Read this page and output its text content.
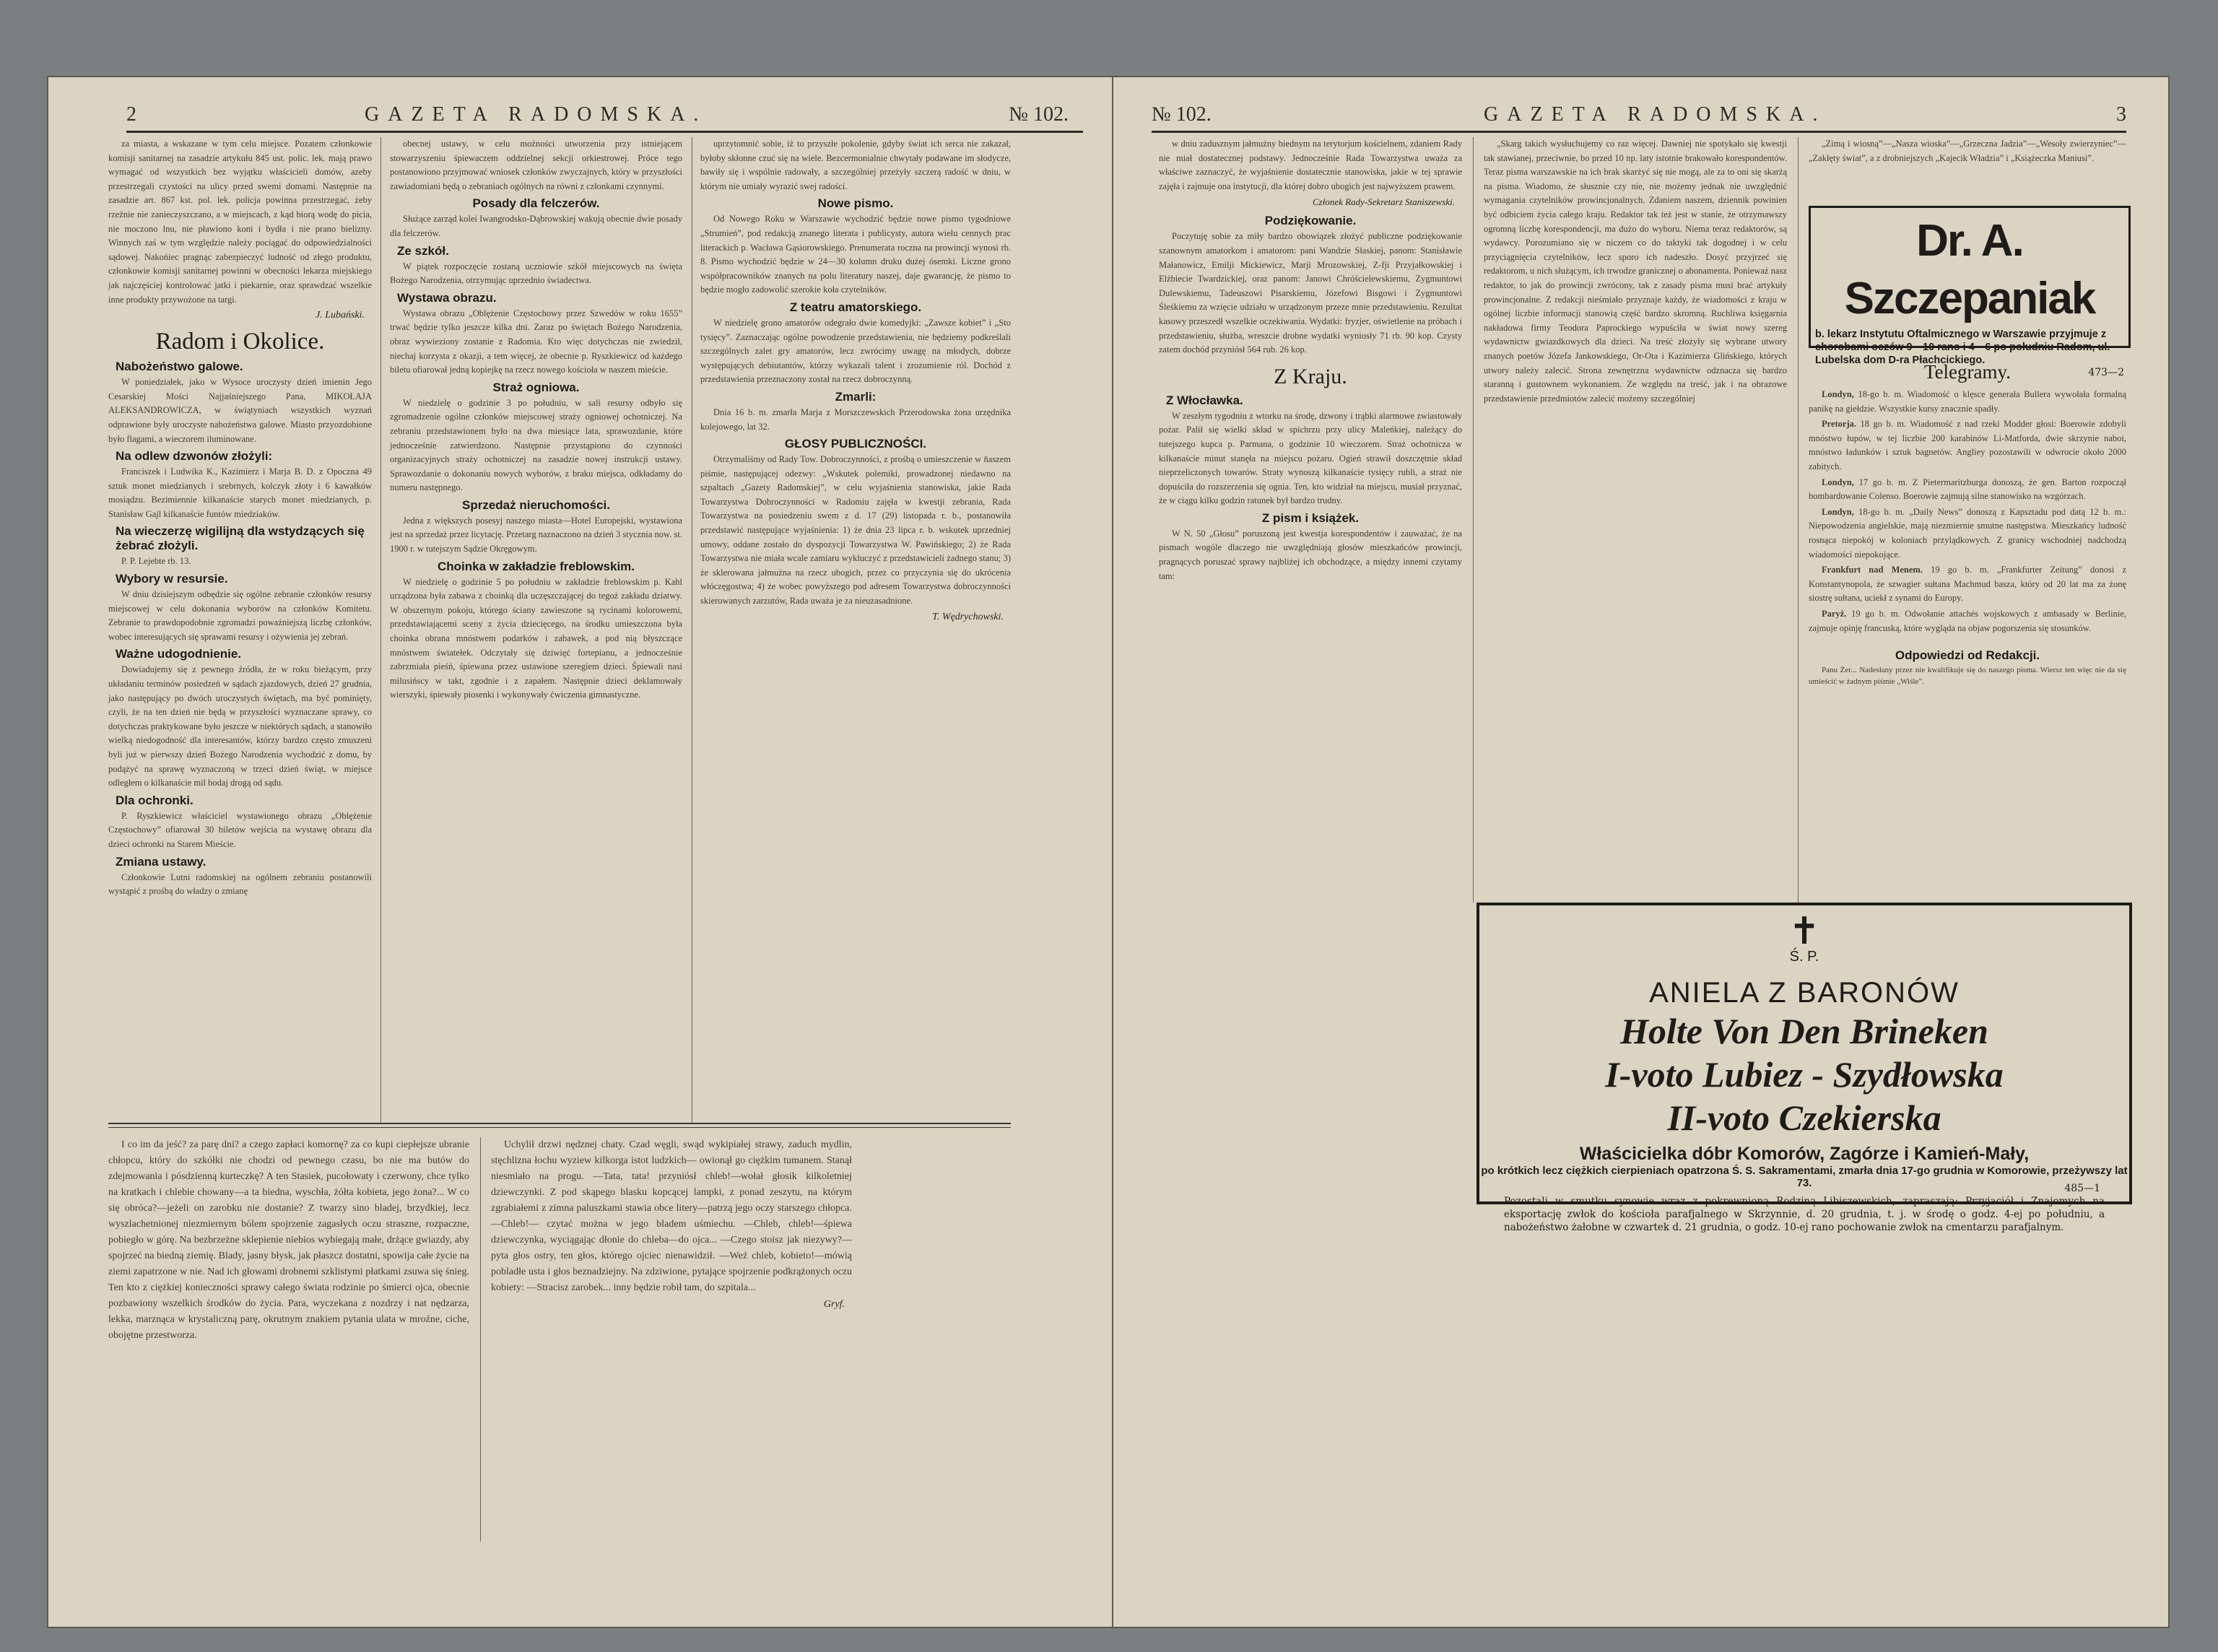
2	GAZETA RADOMSKA.	№ 102.

za miasta, a wskazane w tym celu miejsce. Pozatem członkowie komisji sanitarnej na zasadzie artykułu 845 ust. polic. lek. mają prawo wymagać od wszystkich bez wyjątku właścicieli domów, azeby przestrzegali czystości na ulicy przed swemi domami. Następnie na zasadzie art. 867 kst. pol. lek. policja powinna przestrzegać, żeby rzeźnie nie zanieczyszczano, a w miejscach, z kąd biorą wodę do picia, nie moczono lnu, nie pławiono koni i bydła i nie prano bielizny. Winnych zaś w tym względzie należy pociągać do odpowiedzialności sądowej. Nakońiec pragnąc zabezpieczyć ludność od złego produktu, członkowie komisji sanitarnej powinni w obecności lekarza miejskiego jak najczęściej kontrolować jatki i piekarnie, oraz sprawdzać wszelkie inne produkty przywożone na targi.

J. Lubański.
Radom i Okolice.
Nabożeństwo galowe.

W poniedziałek, jako w Wysoce uroczysty dzień imienin Jego Cesarskiej Mości Najjaśniejszego Pana, MIKOŁAJA ALEKSANDROWICZA, w świątyniach wszystkich wyznań odprawione były uroczyste nabożeństwa galowe. Miasto przyozdobione było flagami, a wieczorem iluminowane.

Na odlew dzwonów złożyli:

Franciszek i Ludwika K., Kazimierz i Marja B. D. z Opoczna 49 sztuk monet miedzianych i srebrnych, kolczyk złoty i 6 kawałków mosiądzu. Bezimiennie kilkanaście starych monet miedzianych, p. Stanisław Gajl kilkanaście funtów miedziaków.

Na wieczerzę wigilijną dla wstydzących się żebrać złożyli.

P. P. Lejebte rb. 13.

Wybory w resursie.

W dniu dzisiejszym odbędzie się ogólne zebranie członków resursy miejscowej w celu dokonania wyborów na członków Komitetu. Zebranie to prawdopodobnie zgromadzi poważniejszą liczbę członków, wobec interesujących się sprawami resursy i ożywienia jej zebrań.

Ważne udogodnienie.

Dowiadujemy się z pewnego źródła, że w roku bieżącym, przy układaniu terminów posiedzeń w sądach zjazdowych, dzień 27 grudnia, jako następujący po dwóch uroczystych świętach, ma być pominięty, czyli, że na ten dzień nie będą w przyszłości wyznaczane sprawy, co dotychczas praktykowane było jeszcze w niektórych sądach, a stanowiło wielką niedogodność dla interesantów, którzy bardzo często zmuszeni byli już w pierwszy dzień Bożego Narodzenia wychodzić z domu, by podążyć na sprawę wyznaczoną w trzeci dzień świąt, w miejsce odległem o kilkanaście mil bodaj drogą od sądu.

Dla ochronki.

P. Ryszkiewicz właściciel wystawionego obrazu „Oblężenie Częstochowy” ofiarował 30 biletów wejścia na wystawę obrazu dla dzieci ochronki na Starem Mieście.

Zmiana ustawy.

Członkowie Lutni radomskiej na ogólnem zebraniu postanowili wystąpić z prośbą do władzy o zmianę

obecnej ustawy, w celu możności utworzenia przy istniejącem stowarzyszeniu śpiewaczem oddzielnej sekcji orkiestrowej. Próce tego postanowiono przyjmować wniosek członków zwyczajnych, który w przyszłości zawiadomiani będą o zebraniach ogólnych na równi z członkami czynnymi.

Posady dla felczerów.

Służące zarząd kolei Iwangrodsko-Dąbrowskiej wakują obecnie dwie posady dla felczerów.

Ze szkół.

W piątek rozpoczęcie zostaną uczniowie szkół miejscowych na święta Bożego Narodzenia, otrzymując uprzednio świadectwa.

Wystawa obrazu.

Wystawa obrazu „Oblężenie Częstochowy przez Szwedów w roku 1655” trwać będzie tylko jeszcze kilka dni. Zaraz po świętach Bożego Narodzenia, obraz wywieziony zostanie z Radomia. Kto więc dotychczas nie zwiedził, niechaj korzysta z okazji, a tem więcej, że obecnie p. Ryszkiewicz od każdego biletu ofiarował jedną kopiejkę na rzecz nowego kościoła w naszem mieście.

Straż ogniowa.

W niedzielę o godzinie 3 po południu, w sali resursy odbyło się zgromadzenie ogólne członków miejscowej straży ogniowej ochotniczej. Na zebraniu przedstawionem było na dwa miesiące lata, sprawozdanie, które jednocześnie zatwierdzono. Następnie przystąpiono do czynności organizacyjnych straży ochotniczej na zasadzie nowej instrukcji ustawy. Sprawozdanie o dokonaniu nowych wyborów, z braku miejsca, odkładamy do numeru następnego.

Sprzedaż nieruchomości.

Jedna z większych posesyj naszego miasta—Hotel Europejski, wystawiona jest na sprzedaż przez licytację. Przetarg naznaczono na dzień 3 stycznia now. st. 1900 r. w tutejszym Sądzie Okręgowym.

Choinka w zakładzie freblowskim.

W niedzielę o godzinie 5 po południu w zakładzie freblowskim p. Kahl urządzona była zabawa z choinką dla uczęszczającej do tegoż zakładu dziatwy. W obszernym pokoju, którego ściany zawieszone są rycinami kolorowemi, przedstawiającemi sceny z życia dziecięcego, na środku umieszczona była choinka obrana mnóstwem podarków i zabawek, a pod nią błyszczące mnóstwem światełek. Odczytały się dziwięć fortepianu, a jednocześnie zabrzmiała pieśń, śpiewana przez ustawione szeregiem dzieci. Śpiewali nasi milusińscy w takt, zgodnie i z zapałem. Następnie dzieci deklamowały wierszyki, śpiewały piosenki i wykonywały ćwiczenia gimnastyczne.

uprzytomnić sobie, iż to przyszłe pokolenie, gdyby świat ich serca nie zakazał, byłoby skłonne czuć się na wiele. Bezcermonialnie chwytały podawane im słodycze, bawiły się i wspólnie radowały, a szczególniej przeżyły szczerą radość w dniu, w którym nie umiały wyrazić swej radości.

Nowe pismo.

Od Nowego Roku w Warszawie wychodzić będzie nowe pismo tygodniowe „Strumień”, pod redakcją znanego literata i publicysty, autora wielu cennych prac literackich p. Wacława Gąsiorowskiego. Prenumerata roczna na prowincji wynosi rb. 8. Pismo wychodzić będzie w 24—30 kolumn druku dużej ósemki. Liczne grono współpracowników znanych na polu literatury naszej, daje gwarancję, że pismo to będzie mogło zadowolić szerokie koła czytelników.

Z teatru amatorskiego.

W niedzielę grono amatorów odegrało dwie komedyjki: „Zawsze kobiet” i „Sto tysięcy”. Zaznaczając ogólne powodzenie przedstawienia, nie będziemy podkreślali szczególnych zalet gry amatorów, lecz zwrócimy uwagę na młodych, dobrze występujących debiutantów, którzy wykazali talent i zrozumienie ról. Dochód z przedstawienia przeznaczony został na rzecz dobroczynną.

Zmarli:

Dnia 16 b. m. zmarła Marja z Morszczewskich Przerodowska żona urzędnika kolejowego, lat 32.

GŁOSY PUBLICZNOŚCI.

Otrzymaliśmy od Rady Tow. Dobroczynności, z prośbą o umieszczenie w n̄aszem piśmie, następującej odezwy: „Wskutek polemiki, prowadzonej niedawno na szpaltach „Gazety Radomskiej”, w celu wyjaśnienia stanowiska, jakie Rada Towarzystwa Dobroczynności w Radomiu zajęła w kwestji zebrania, Rada Towarzystwa na posiedzeniu swem z d. 17 (29) listopada r. b., postanowiła przedstawić następujące wyjaśnienia: 1) że dnia 23 lipca r. b. wskutek uprzedniej umowy, oddane zostało do dyspozycji Towarzystwa W. Pawińskiego; 2) że Rada Towarzystwa nie miała wcale zamiaru wykluczyć z przedstawicieli żadnego stanu; 3) że sklerowana jałmużna na rzecz ubogich, przez co przyczynia się do ukrócenia włóczęgostwa; 4) że wobec powyższego pod adresem Towarzystwa dobroczynności skierowanych zarzutów, Rada uważa je za nieuzasadnione.

T. Wędrychowski.

I co im da jeść? za parę dni? a czego zapłaci komornę? za co kupi ciepłejsze ubranie chłopcu, który do szkółki nie chodzi od pewnego czasu, bo nie ma butów do zdejmowania i pósdzienną kurteczkę? A ten Stasiek, pucołowaty i czerwony, chce tylko na kratkach i chlebie chowany—a ta biedna, wyschła, żółta kobieta, jego żona?... W co się obróca?—jeżeli on zarobku nie dostanie? Z twarzy sino bladej, brzydkiej, lecz wyszlachetnionej niezmiernym bólem spojrzenie zagasłych oczu straszne, rozpaczne, pobiegło w górę. Na bezbrzeżne sklepienie niebios wybiegają małe, drżące gwiazdy, aby spojrzeć na biedną ziemię. Blady, jasny błysk, jak płaszcz dostatni, spowija całe życie na ziemi zapatrzone w nie. Nad ich głowami drobnemi szklistymi płatkami zsuwa się śnieg. Ten kto z ciężkiej konieczności sprawy całego świata rodzinie po śmierci ojca, obecnie pozbawiony wszelkich środków do życia. Para, wyczekana z nozdrzy i nat nędzarza, lekka, marznąca w krystaliczną parę, okrutnym znakiem pytania ulata w mroźne, ciche, obojętne przestworza.

Uchylił drzwi nędznej chaty. Czad węgli, swąd wykipiałej strawy, zaduch mydlin, stęchlizna łochu wyziew kilkorga istot ludzkich— owionął go ciężkim tumanem. Stanął niesmiało na progu. —Tata, tata! przyniósł chleb!—wołał głosik kilkoletniej dziewczynki. Z pod skąpego blasku kopcącej lampki, z ponad zeszytu, na którym zgrabiałemi z zimna paluszkami stawia obce litery—patrzą jego oczy starszego chłopca. —Chleb!— czytać można w jego bladem uśmiechu. —Chleb, chleb!—śpiewa dziewczynka, wyciągając dłonie do chleba—do ojca... —Czego stoisz jak niezywy?—pyta głos ostry, ten głos, którego ojciec nienawidził. —Weź chleb, kobieto!—mówią pobladłe usta i głos beznadziejny. Na zdziwione, pytające spojrzenie podkrążonych oczu kobiety: —Stracisz zarobek... inny będzie robił tam, do szpitala...

Gryf.
№ 102.	GAZETA RADOMSKA.	3

w dniu zadusznym jałmużny biednym na terytorjum kościelnem, zdaniem Rady nie miał dostatecznej podstawy. Jednocześnie Rada Towarzystwa uważa za właściwe zaznaczyć, że wyjaśnienie dostatecznie stanowiska, jakie w tej sprawie zajęła i zajmuje ona instytucji, dla której dobro ubogich jest najwyższem prawem.

Członek Rady-Sekretarz Staniszewski.
Podziękowanie.

Poczytuję sobie za miły bardzo obowiązek złożyć publiczne podziękowanie szanownym amatorkom i amatorom: pani Wandzie Słaskiej, panom: Stanisławie Małanowicz, Emilji Mickiewicz, Marji Mrozowskiej, Z-fji Przyjałkowskiej i Elżbiecie Twardzickiej, oraz panom: Janowi Chróścielewskiemu, Zygmuntowi Dulewskiemu, Tadeuszowi Pisarskiemu, Józefowi Bisgowi i Zygmuntowi Śleśkiemu za wzięcie udziału w urządzonym przeze mnie przedstawieniu. Rezultat kasowy przeszedł wszelkie oczekiwania. Wydatki: fryzjer, oświetlenie na próbach i przedstawieniu, służba, wreszcie drobne wydatki wyniosły 71 rb. 90 kop. Czysty zatem dochód przyniósł 564 rub. 26 kop.

Z Kraju.
Z Włocławka.

W zeszłym tygodniu z wtorku na środę, dzwony i trąbki alarmowe zwiastowały pożar. Palił się wielki skład w spichrzu przy ulicy Maleńkiej, należący do tutejszego kupca p. Parmana, o godzinie 10 wieczorem. Straż ochotnicza w kilkanaście minut stanęła na miejscu pożaru. Ogień strawił doszczętnie skład nieprzeliczonych towarów. Straty wynoszą kilkanaście tysięcy rubli, a straż nie dopuściła do rozszerzenia się ognia. Ten, kto widział na miejscu, musiał przyznać, że w ciągu kilku godzin ratunek był bardzo trudny.

Z pism i książek.

W N. 50 „Głosu” poruszoną jest kwestja korespondentów i zauważać, że na pismach wogóle dlaczego nie uwzględniają głosów mieszkańców prowincji, pragnących poruszać sprawy najbliżej ich obchodzące, a między innemi czytamy tam:

„Skarg takich wysłuchujemy co raz więcej. Dawniej nie spotykało się kwestji tak stawianej, przeciwnie, bo przed 10 np. laty istotnie brakowało korespondentów. Teraz pisma warszawskie na ich brak skarżyć się nie mogą, ale za to oni się skarżą na pisma. Wiadomo, że słusznie czy nie, nie możemy jednak nie uwzględnić wymagania czytelników prowincjonalnych. Zdaniem naszem, dziennik powinien być odbiciem życia całego kraju. Redaktor tak też jest w stanie, że otrzymawszy ogromną liczbę korespondencji, ma dużo do wyboru. Niema teraz redaktorów, są wydawcy. Porozumiano się w niczem co do taktyki tak dogodnej i w celu przyciągnięcia czytelników, lecz sporo ich nadeszło. Dosyć przyjrzeć się redaktorom, u nich służącym, ich trwodze granicznej o abonamenta. Ponieważ nasz redaktor, to jak do prowincji zwrócony, tak z zasady pisma musi brać artykuły prowincjonalne. Z redakcji nieśmiało przyznaje każdy, że wiadomości z kraju w ogólnej liczbie informacji stanowią część bardzo skromną. Ruchliwa księgarnia nakładowa firmy Teodora Paprockiego wypuściła w świat nowy szereg wydawnictw gwiazdkowych dla dzieci. Na treść złożyły się wybrane utwory znanych poetów Józefa Jankowskiego, Or-Ota i Kazimierza Glińskiego, których utwory należy zalecić. Strona zewnętrzna wydawnictw odznacza się bardzo staranną i gustownem wykonaniem. Ze względu na treść, jak i na obrazowe przedstawienie przedmiotów zalecić możemy szczególniej

„Zimą i wiosną”—„Nasza wioska”—„Grzeczna Jadzia”—„Wesoły zwierzyniec”—„Zakłęty świat”, a z drobniejszych „Kajecik Władzia” i „Książeczka Maniusi”.

Dr. A. Szczepaniak
b. lekarz Instytutu Oftalmicznego w Warszawie przyjmuje z chorobami oczów 9—10 rano i 4—6 po południu Radom, ul. Lubelska dom D-ra Płachcickiego.
473—2
Telegramy.

Londyn, 18-go b. m. Wiadomość o klęsce generała Bullera wywołała formalną panikę na giełdzie. Wszystkie kursy znacznie spadły.

Pretorja. 18 go b. m. Wiadomość z nad rzeki Modder głosi: Boerowie zdobyli mnóstwo łupów, w tej liczbie 200 karabinów Li-Matforda, dwie skrzynie naboi, mnóstwo ładunków i sztuk bagnetów. Angliey pozostawili w odwrocie około 2000 zabitych.

Londyn, 17 go b. m. Z Pietermaritzburga donoszą, że gen. Barton rozpoczął bombardowanie Colenso. Boerowie zajmują silne stanowisko na wzgórzach.

Londyn, 18-go b. m. „Daily News” donoszą z Kapsztadu pod datą 12 b. m.: Niepowodzenia angielskie, mają niezmiernie smutne następstwa. Mieszkańcy ludność rosnąca niepokój w koloniach przylądkowych. Z granicy wschodniej nadchodzą wiadomości niepokojące.

Frankfurt nad Menem. 19 go b. m. „Frankfurter Zeitung” donosi z Konstantynopola, że szwagier sułtana Machmud basza, który od 20 lat ma za żonę siostrę sułtana, uciekł z synami do Europy.

Paryż. 19 go b. m. Odwołanie attachés wojskowych z ambasady w Berlinie, zajmuje opinję francuską, które wygląda na objaw pogorszenia się stosunków.

Odpowiedzi od Redakcji.

Panu Żer... Nadesłany przez nie kwalifikuje się do naszego pisma. Wiersz ten więc nie da się umieścić w żadnym piśmie „Wiśle”.

✝
Ś. P.
ANIELA Z BARONÓW
Holte Von Den Brineken
I-voto Lubiez - Szydłowska
II-voto Czekierska
Właścicielka dóbr Komorów, Zagórze i Kamień-Mały,
po krótkich lecz ciężkich cierpieniach opatrzona Ś. S. Sakramentami, zmarła dnia 17-go grudnia w Komorowie, przeżywszy lat 73.
Pozostali w smutku synowie wraz z pokrewnioną Rodziną Libiszewskich, zapraszają: Przyjaciół i Znajomych na eksportację zwłok do kościoła parafjalnego w Skrzynnie, d. 20 grudnia, t. j. w środę o godz. 4-ej po południu, a nabożeństwo żałobne w czwartek d. 21 grudnia, o godz. 10-ej rano pochowanie zwłok na cmentarzu parafjalnym.
485—1
